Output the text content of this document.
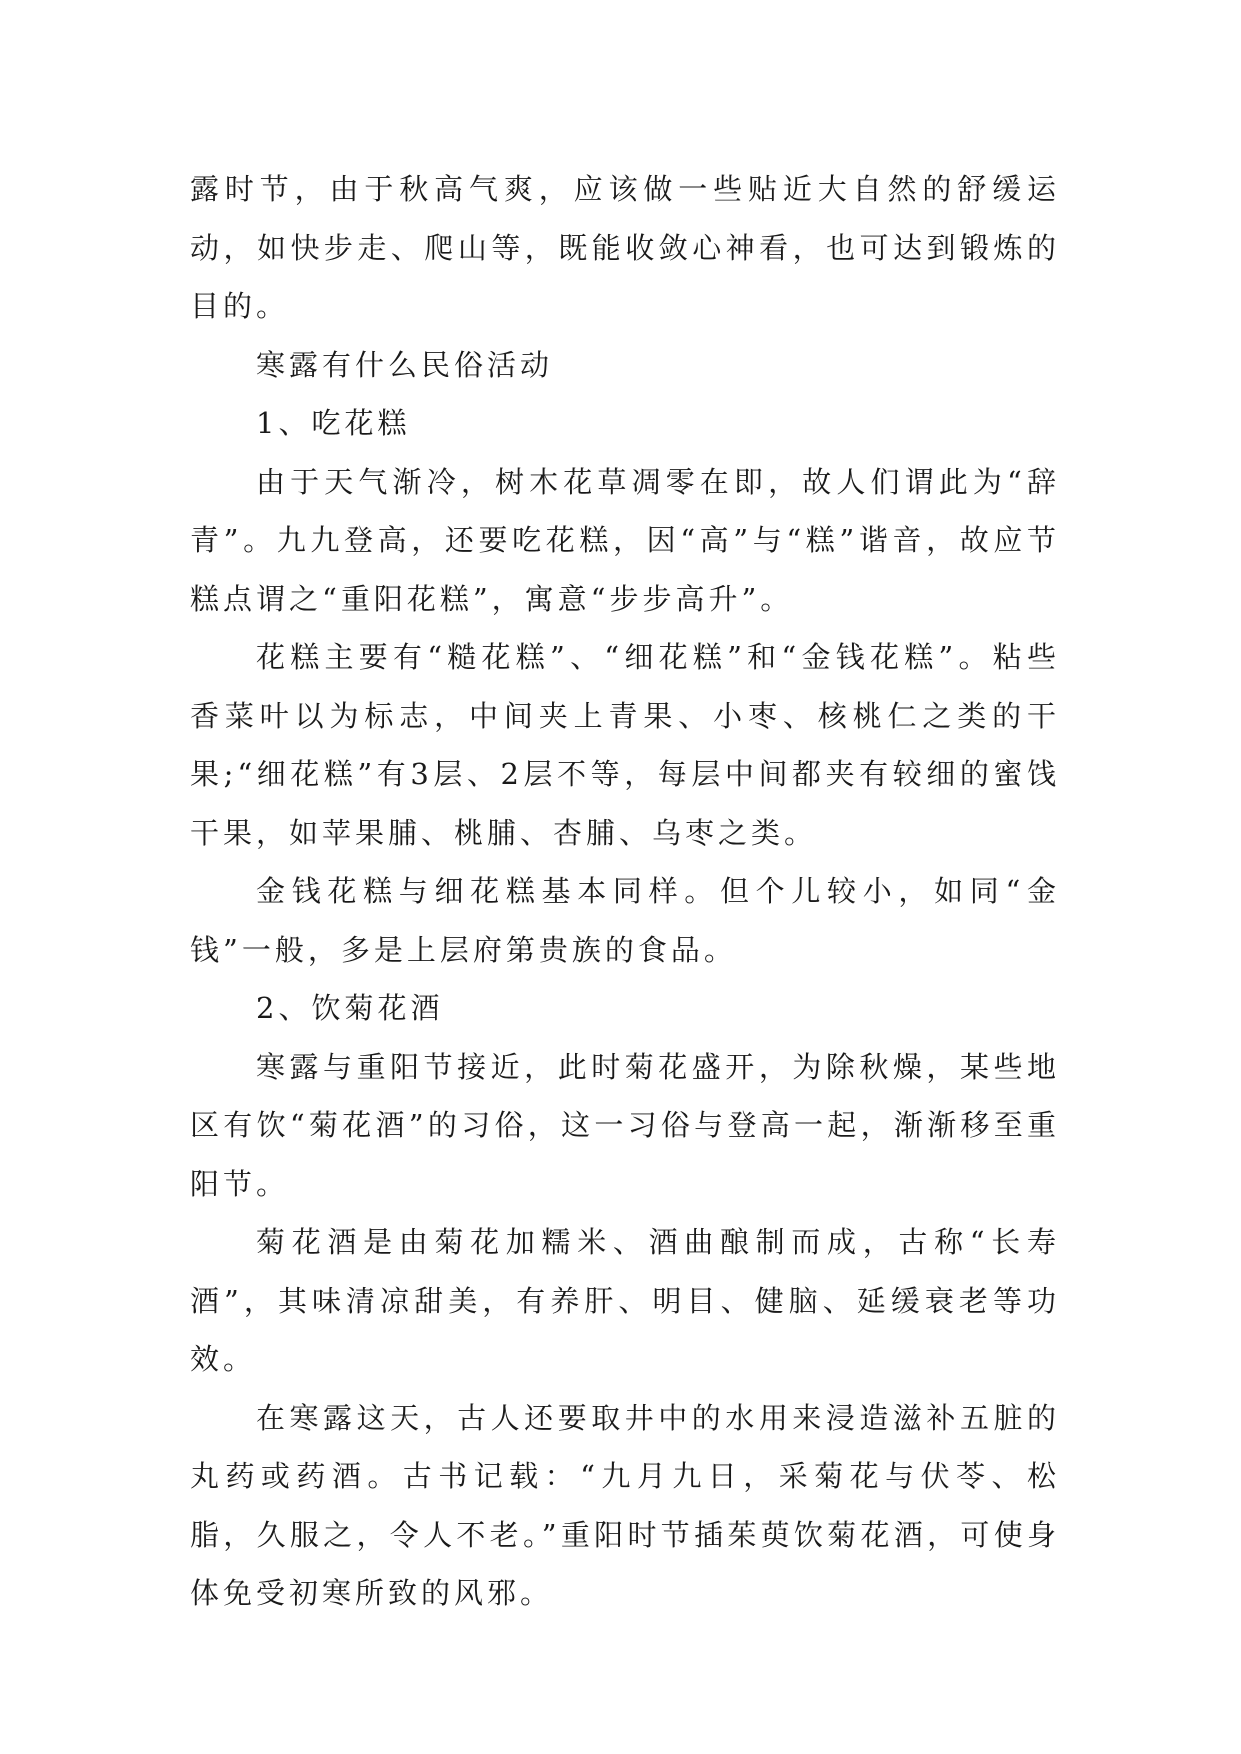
露时节，由于秋高气爽，应该做一些贴近大自然的舒缓运动，如快步走、爬山等，既能收敛心神看，也可达到锻炼的目的。

寒露有什么民俗活动

1、吃花糕

由于天气渐冷，树木花草凋零在即，故人们谓此为“辞青”。九九登高，还要吃花糕，因“高”与“糕”谐音，故应节糕点谓之“重阳花糕”，寓意“步步高升”。

花糕主要有“糙花糕”、“细花糕”和“金钱花糕”。粘些香菜叶以为标志，中间夹上青果、小枣、核桃仁之类的干果;“细花糕”有3层、2层不等，每层中间都夹有较细的蜜饯干果，如苹果脯、桃脯、杏脯、乌枣之类。

金钱花糕与细花糕基本同样。但个儿较小，如同“金钱”一般，多是上层府第贵族的食品。

2、饮菊花酒

寒露与重阳节接近，此时菊花盛开，为除秋燥，某些地区有饮“菊花酒”的习俗，这一习俗与登高一起，渐渐移至重阳节。

菊花酒是由菊花加糯米、酒曲酿制而成，古称“长寿酒”，其味清凉甜美，有养肝、明目、健脑、延缓衰老等功效。

在寒露这天，古人还要取井中的水用来浸造滋补五脏的丸药或药酒。古书记载：“九月九日，采菊花与伏苓、松脂，久服之，令人不老。”重阳时节插茱萸饮菊花酒，可使身体免受初寒所致的风邪。
